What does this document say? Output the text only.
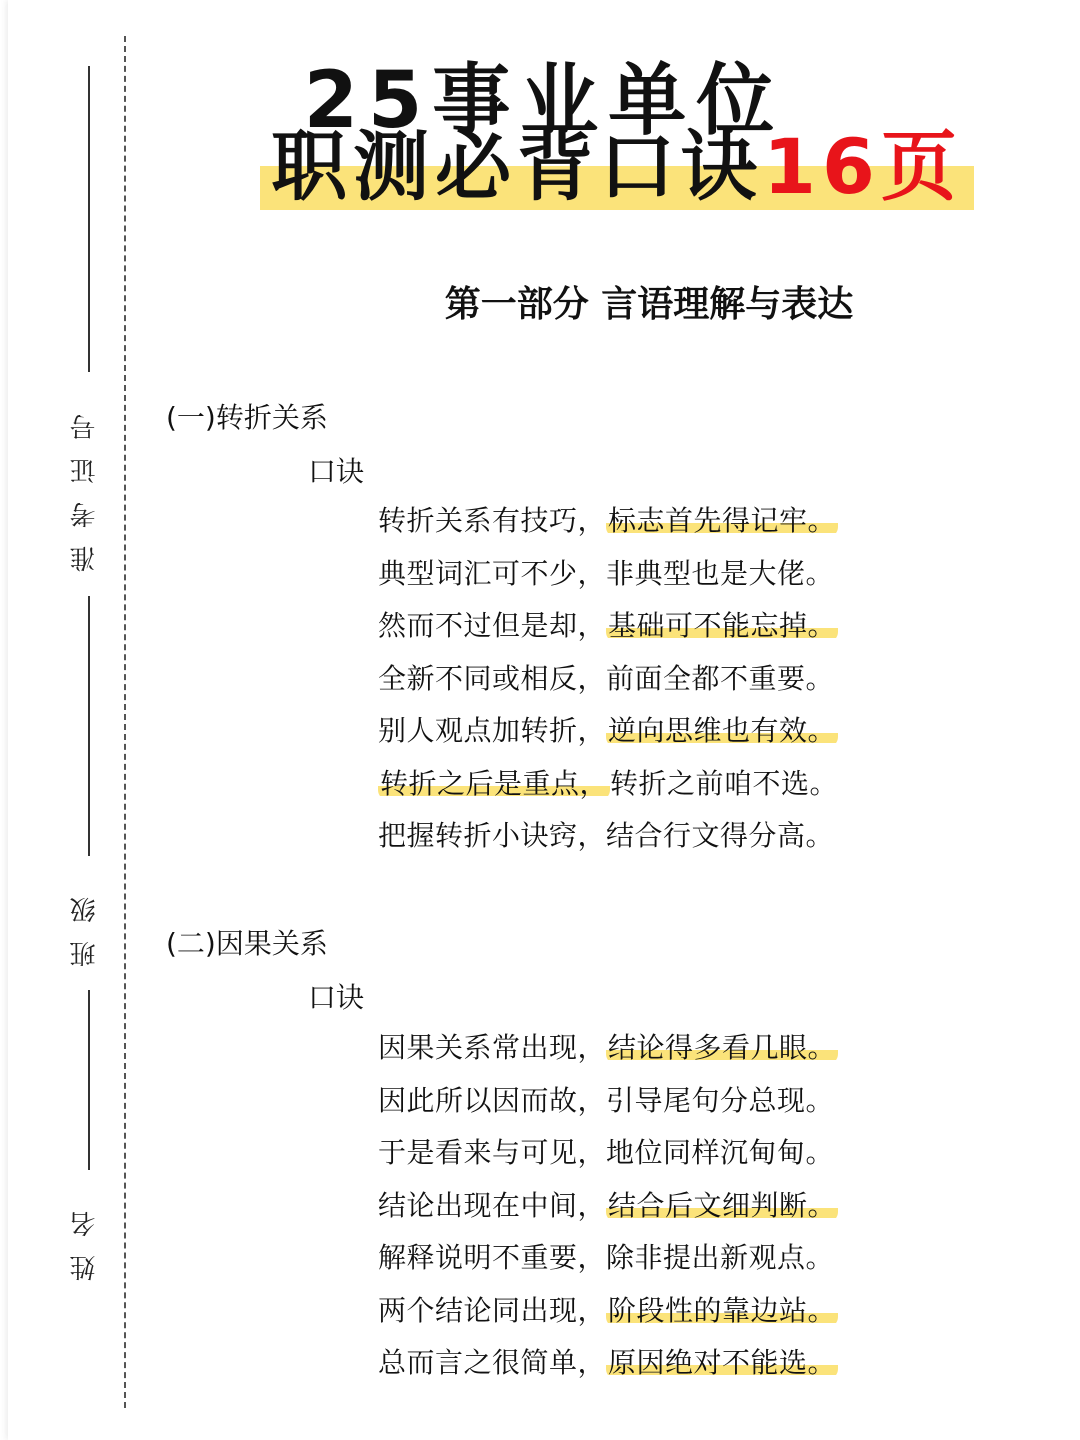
准考证号
班级
姓名
25事业单位
职测必背口诀16页
第一部分 言语理解与表达
(一)转折关系
口诀
转折关系有技巧，标志首先得记牢。
典型词汇可不少，非典型也是大佬。
然而不过但是却，基础可不能忘掉。
全新不同或相反，前面全都不重要。
别人观点加转折，逆向思维也有效。
转折之后是重点，转折之前咱不选。
把握转折小诀窍，结合行文得分高。
(二)因果关系
口诀
因果关系常出现，结论得多看几眼。
因此所以因而故，引导尾句分总现。
于是看来与可见，地位同样沉甸甸。
结论出现在中间，结合后文细判断。
解释说明不重要，除非提出新观点。
两个结论同出现，阶段性的靠边站。
总而言之很简单，原因绝对不能选。
